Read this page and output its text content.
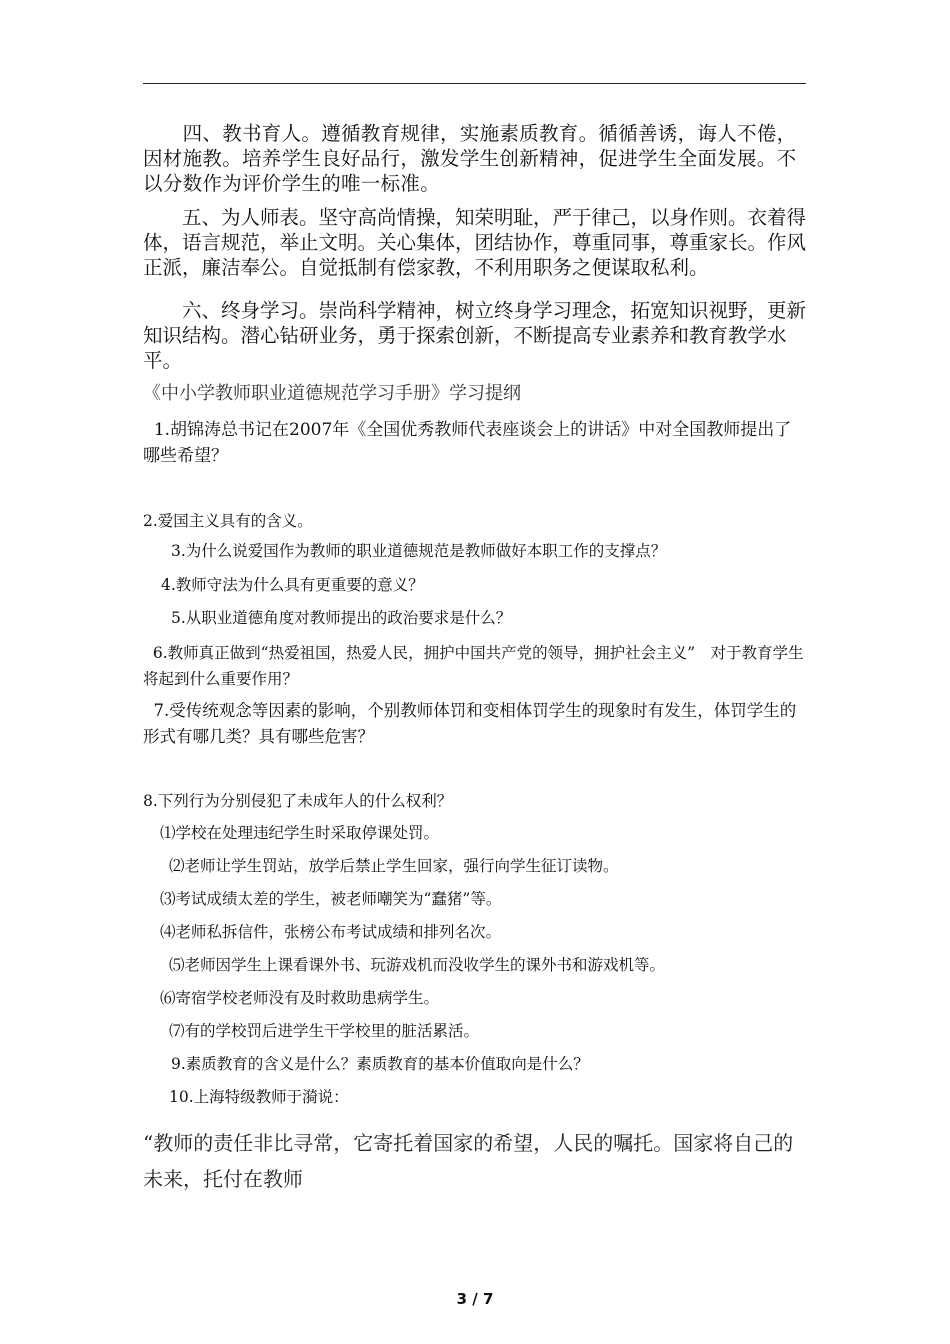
　　四、教书育人。遵循教育规律，实施素质教育。循循善诱，诲人不倦，因材施教。培养学生良好品行，激发学生创新精神，促进学生全面发展。不以分数作为评价学生的唯一标准。

　　五、为人师表。坚守高尚情操，知荣明耻，严于律己，以身作则。衣着得体，语言规范，举止文明。关心集体，团结协作，尊重同事，尊重家长。作风正派，廉洁奉公。自觉抵制有偿家教，不利用职务之便谋取私利。

　　六、终身学习。崇尚科学精神，树立终身学习理念，拓宽知识视野，更新知识结构。潜心钻研业务，勇于探索创新，不断提高专业素养和教育教学水平。

《中小学教师职业道德规范学习手册》学习提纲

1.胡锦涛总书记在2007年《全国优秀教师代表座谈会上的讲话》中对全国教师提出了哪些希望？

2.爱国主义具有的含义。

3.为什么说爱国作为教师的职业道德规范是教师做好本职工作的支撑点？

4.教师守法为什么具有更重要的意义？

5.从职业道德角度对教师提出的政治要求是什么？

6.教师真正做到“热爱祖国，热爱人民，拥护中国共产党的领导，拥护社会主义”　对于教育学生将起到什么重要作用？

7.受传统观念等因素的影响，个别教师体罚和变相体罚学生的现象时有发生，体罚学生的形式有哪几类？具有哪些危害？

8.下列行为分别侵犯了未成年人的什么权利？

⑴学校在处理违纪学生时采取停课处罚。

⑵老师让学生罚站，放学后禁止学生回家，强行向学生征订读物。

⑶考试成绩太差的学生，被老师嘲笑为“蠢猪”等。

⑷老师私拆信件，张榜公布考试成绩和排列名次。

⑸老师因学生上课看课外书、玩游戏机而没收学生的课外书和游戏机等。

⑹寄宿学校老师没有及时救助患病学生。

⑺有的学校罚后进学生干学校里的脏活累活。

9.素质教育的含义是什么？素质教育的基本价值取向是什么？

10.上海特级教师于漪说：

“教师的责任非比寻常，它寄托着国家的希望，人民的嘱托。国家将自己的未来，托付在教师

3 / 7
